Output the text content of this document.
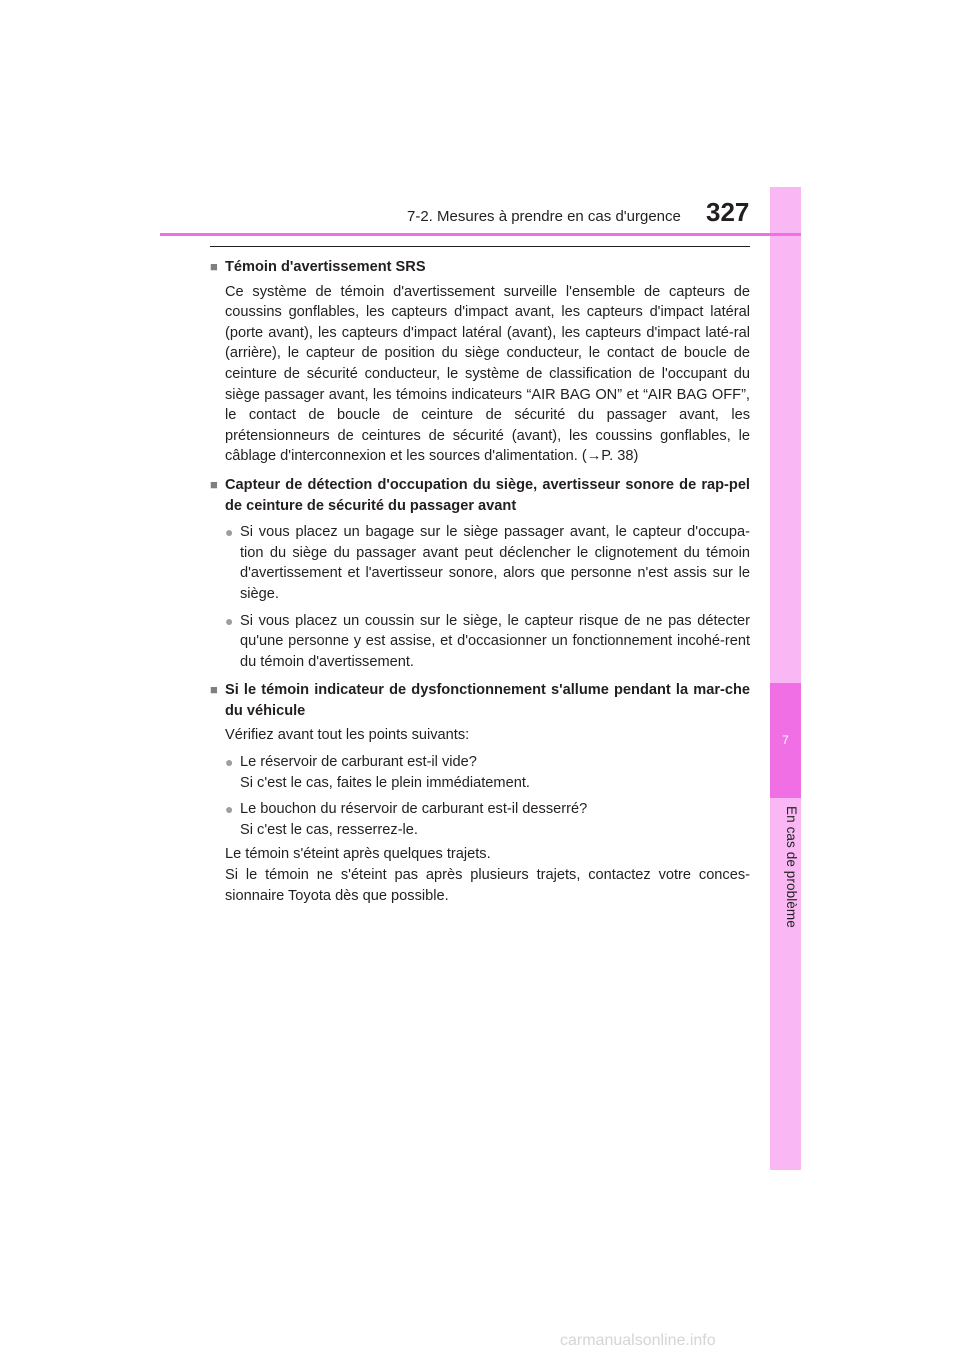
7
En cas de problème
7-2. Mesures à prendre en cas d'urgence 327
■ Témoin d'avertissement SRS
Ce système de témoin d'avertissement surveille l'ensemble de capteurs de coussins gonflables, les capteurs d'impact avant, les capteurs d'impact latéral (porte avant), les capteurs d'impact latéral (avant), les capteurs d'impact laté-ral (arrière), le capteur de position du siège conducteur, le contact de boucle de ceinture de sécurité conducteur, le système de classification de l'occupant du siège passager avant, les témoins indicateurs “AIR BAG ON” et “AIR BAG OFF”, le contact de boucle de ceinture de sécurité du passager avant, les prétensionneurs de ceintures de sécurité (avant), les coussins gonflables, le câblage d'interconnexion et les sources d'alimentation. (→P. 38)
■ Capteur de détection d'occupation du siège, avertisseur sonore de rap-pel de ceinture de sécurité du passager avant
● Si vous placez un bagage sur le siège passager avant, le capteur d'occupa-tion du siège du passager avant peut déclencher le clignotement du témoin d'avertissement et l'avertisseur sonore, alors que personne n'est assis sur le siège.
● Si vous placez un coussin sur le siège, le capteur risque de ne pas détecter qu'une personne y est assise, et d'occasionner un fonctionnement incohé-rent du témoin d'avertissement.
■ Si le témoin indicateur de dysfonctionnement s'allume pendant la mar-che du véhicule
Vérifiez avant tout les points suivants:
● Le réservoir de carburant est-il vide?
Si c'est le cas, faites le plein immédiatement.
● Le bouchon du réservoir de carburant est-il desserré?
Si c'est le cas, resserrez-le.
Le témoin s'éteint après quelques trajets.
Si le témoin ne s'éteint pas après plusieurs trajets, contactez votre conces-sionnaire Toyota dès que possible.
carmanualsonline.info
